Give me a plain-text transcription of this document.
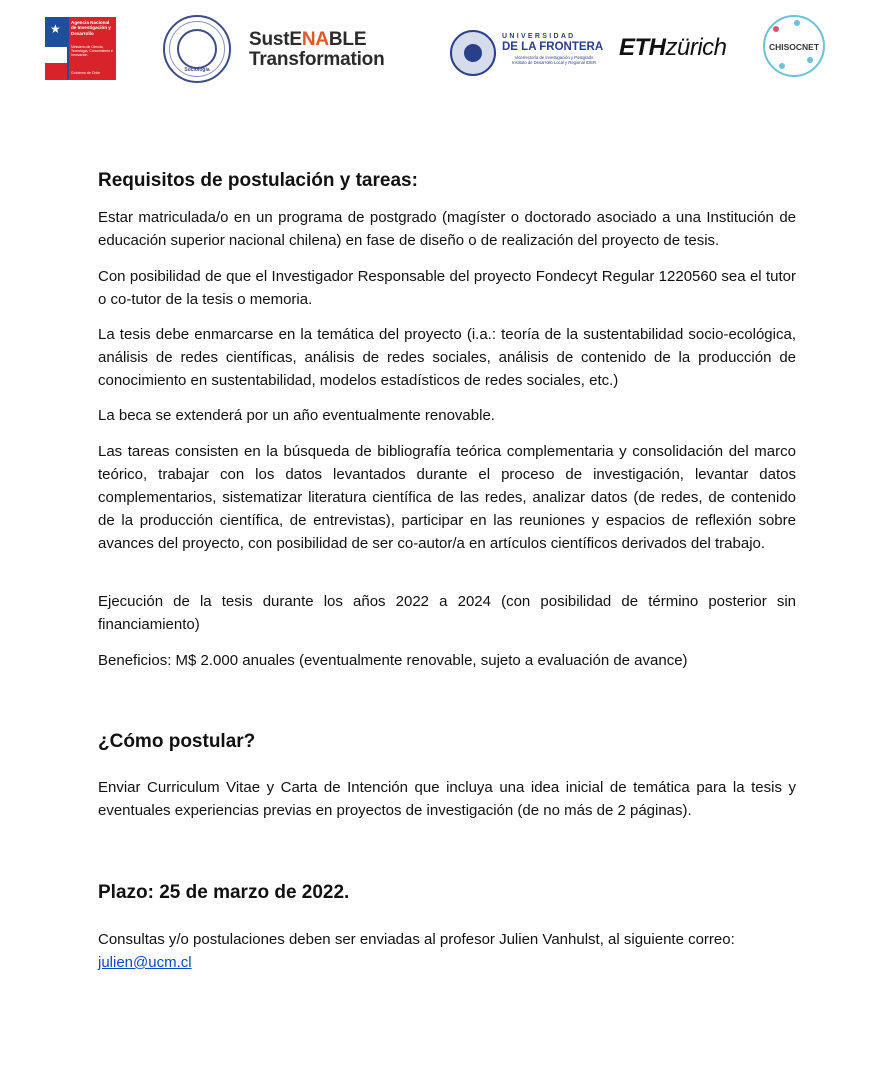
★ Agencia Nacional de Investigación y Desarrollo
Ministerio de Ciencia, Tecnología, Conocimiento e Innovación
Gobierno de Chile	Sociología
SustENABLE
Transformation
UNIVERSIDAD
DE LA FRONTERA
Vicerrectoría de Investigación y Postgrado Instituto de Desarrollo Local y Regional IDER
ETHzürich	CHISOCNET
Requisitos de postulación y tareas:

Estar matriculada/o en un programa de postgrado (magíster o doctorado asociado a una Institución de educación superior nacional chilena) en fase de diseño o de realización del proyecto de tesis.

Con posibilidad de que el Investigador Responsable del proyecto Fondecyt Regular 1220560 sea el tutor o co-tutor de la tesis o memoria.

La tesis debe enmarcarse en la temática del proyecto (i.a.: teoría de la sustentabilidad socio-ecológica, análisis de redes científicas, análisis de redes sociales, análisis de contenido de la producción de conocimiento en sustentabilidad, modelos estadísticos de redes sociales, etc.)

La beca se extenderá por un año eventualmente renovable.

Las tareas consisten en la búsqueda de bibliografía teórica complementaria y consolidación del marco teórico, trabajar con los datos levantados durante el proceso de investigación, levantar datos complementarios, sistematizar literatura científica de las redes, analizar datos (de redes, de contenido de la producción científica, de entrevistas), participar en las reuniones y espacios de reflexión sobre avances del proyecto, con posibilidad de ser co-autor/a en artículos científicos derivados del trabajo.

Ejecución de la tesis durante los años 2022 a 2024 (con posibilidad de término posterior sin financiamiento)

Beneficios: M$ 2.000 anuales (eventualmente renovable, sujeto a evaluación de avance)

¿Cómo postular?

Enviar Curriculum Vitae y Carta de Intención que incluya una idea inicial de temática para la tesis y eventuales experiencias previas en proyectos de investigación (de no más de 2 páginas).

Plazo: 25 de marzo de 2022.

Consultas y/o postulaciones deben ser enviadas al profesor Julien Vanhulst, al siguiente correo:
julien@ucm.cl
